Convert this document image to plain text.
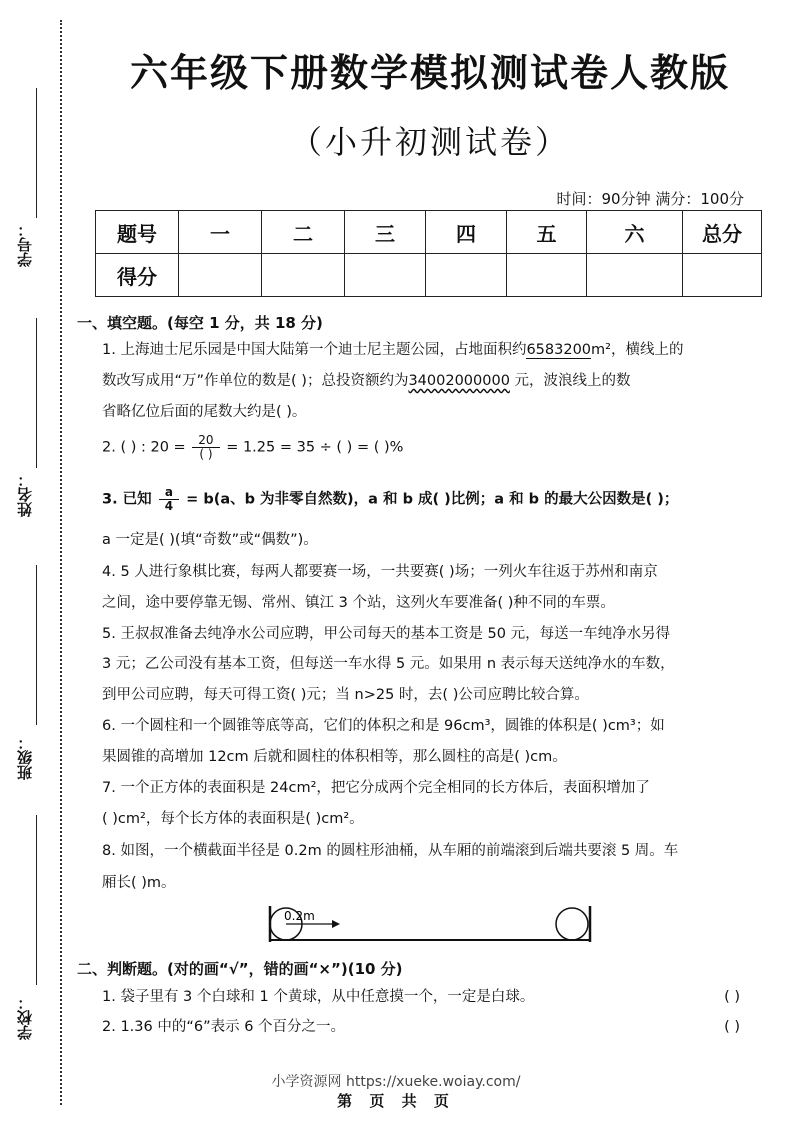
学号：
姓名：
班级：
学校：
六年级下册数学模拟测试卷人教版
（小升初测试卷）
时间：90分钟 满分：100分
题号	一	二	三	四	五	六	总分
得分							
一、填空题。(每空 1 分，共 18 分)
1. 上海迪士尼乐园是中国大陆第一个迪士尼主题公园，占地面积约6583200m²，横线上的
数改写成用“万”作单位的数是( )；总投资额约为34002000000 元，波浪线上的数
省略亿位后面的尾数大约是( )。
2. ( ) : $20 = \frac{20}{( )} = 1.25 = 35$ ÷ ( ) = ( )%
3. 已知 $\frac{a}{4} = b(a$、b 为非零自然数)，a 和 b 成( )比例；a 和 b 的最大公因数是( )；
a 一定是( )(填“奇数”或“偶数”)。
4. 5 人进行象棋比赛，每两人都要赛一场，一共要赛( )场；一列火车往返于苏州和南京
之间，途中要停靠无锡、常州、镇江 3 个站，这列火车要准备( )种不同的车票。
5. 王叔叔准备去纯净水公司应聘，甲公司每天的基本工资是 50 元，每送一车纯净水另得
3 元；乙公司没有基本工资，但每送一车水得 5 元。如果用 n 表示每天送纯净水的车数，
到甲公司应聘，每天可得工资( )元；当 n>25 时，去( )公司应聘比较合算。
6. 一个圆柱和一个圆锥等底等高，它们的体积之和是 96cm³，圆锥的体积是( )cm³；如
果圆锥的高增加 12cm 后就和圆柱的体积相等，那么圆柱的高是( )cm。
7. 一个正方体的表面积是 24cm²，把它分成两个完全相同的长方体后，表面积增加了
( )cm²，每个长方体的表面积是( )cm²。
8. 如图，一个横截面半径是 0.2m 的圆柱形油桶，从车厢的前端滚到后端共要滚 5 周。车
厢长( )m。
0.2m
二、判断题。(对的画“√”，错的画“×”)(10 分)
1. 袋子里有 3 个白球和 1 个黄球，从中任意摸一个，一定是白球。	( )
2. 1.36 中的“6”表示 6 个百分之一。	( )
小学资源网 https://xueke.woiay.com/
第 页 共 页
